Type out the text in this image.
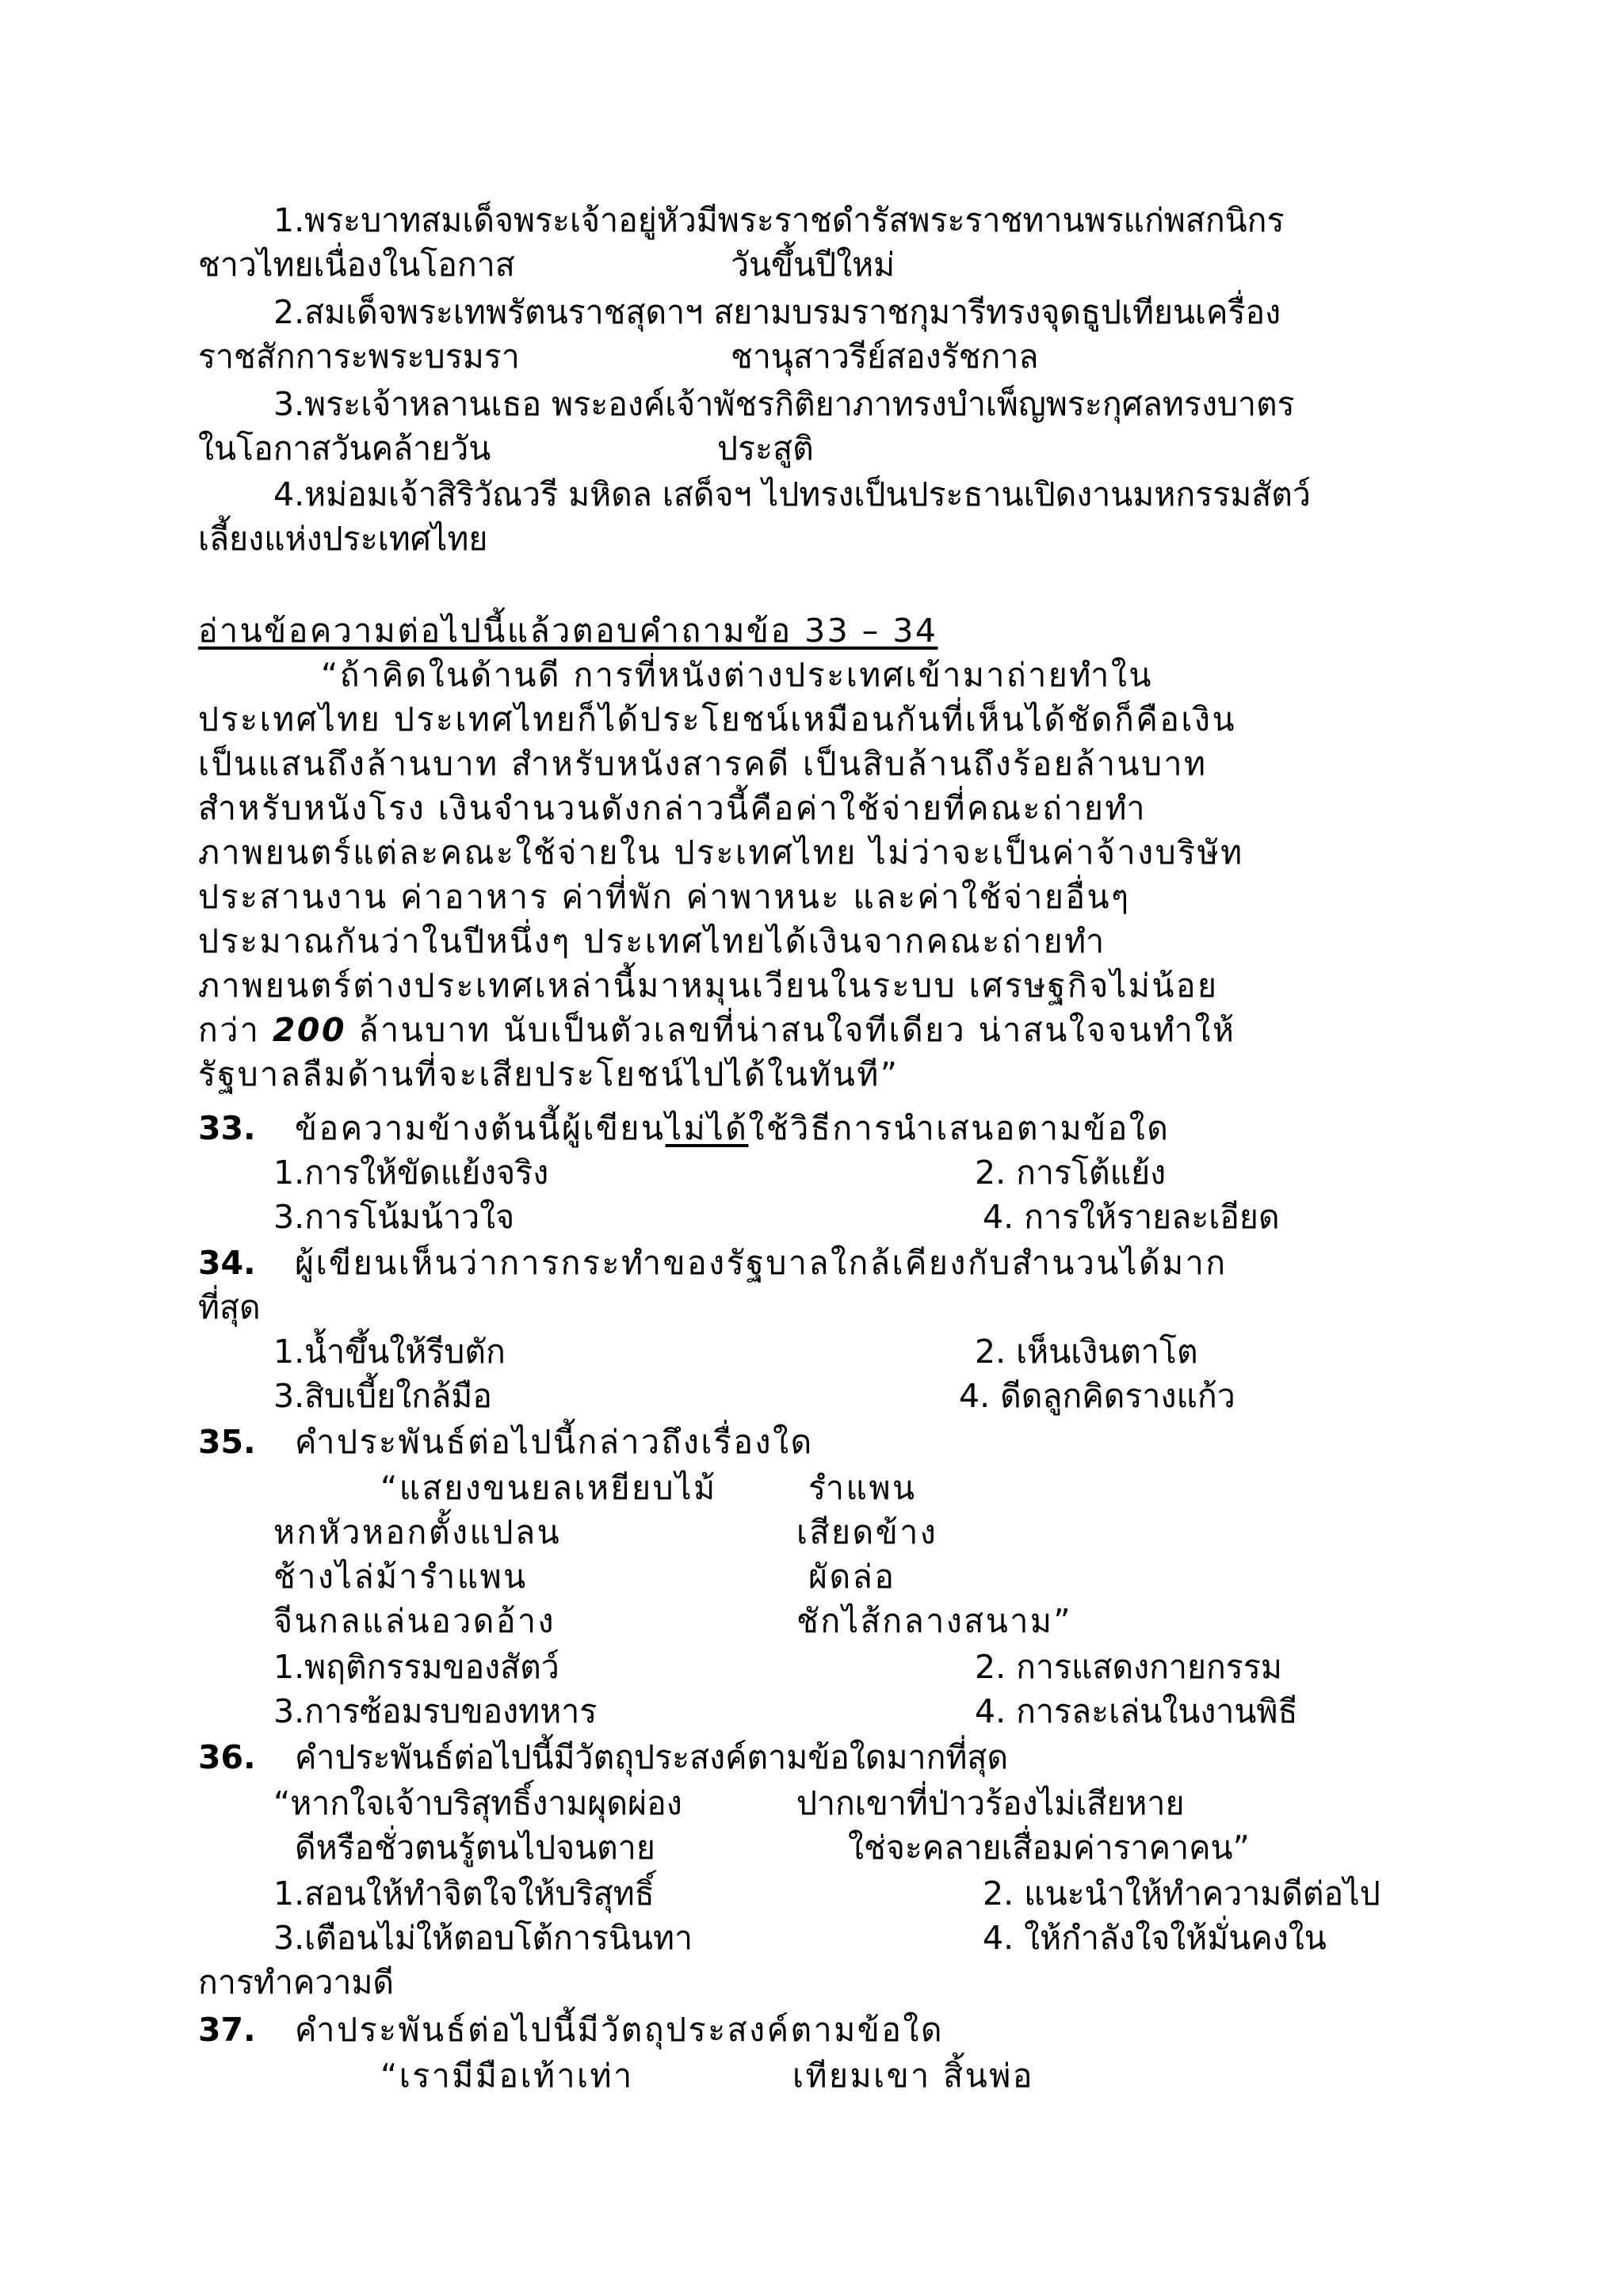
1.พระบาทสมเด็จพระเจ้าอยู่หัวมีพระราชดำรัสพระราชทานพรแก่พสกนิกร
ชาวไทยเนื่องในโอกาส	วันขึ้นปีใหม่
2.สมเด็จพระเทพรัตนราชสุดาฯ สยามบรมราชกุมารีทรงจุดธูปเทียนเครื่อง
ราชสักการะพระบรมรา	ชานุสาวรีย์สองรัชกาล
3.พระเจ้าหลานเธอ พระองค์เจ้าพัชรกิติยาภาทรงบำเพ็ญพระกุศลทรงบาตร
ในโอกาสวันคล้ายวัน	ประสูติ
4.หม่อมเจ้าสิริวัณวรี มหิดล เสด็จฯ ไปทรงเป็นประธานเปิดงานมหกรรมสัตว์
เลี้ยงแห่งประเทศไทย
อ่านข้อความต่อไปนี้แล้วตอบคำถามข้อ 33 – 34
“ถ้าคิดในด้านดี การที่หนังต่างประเทศเข้ามาถ่ายทำใน
ประเทศไทย ประเทศไทยก็ได้ประโยชน์เหมือนกันที่เห็นได้ชัดก็คือเงิน
เป็นแสนถึงล้านบาท สำหรับหนังสารคดี เป็นสิบล้านถึงร้อยล้านบาท
สำหรับหนังโรง เงินจำนวนดังกล่าวนี้คือค่าใช้จ่ายที่คณะถ่ายทำ
ภาพยนตร์แต่ละคณะใช้จ่ายใน ประเทศไทย ไม่ว่าจะเป็นค่าจ้างบริษัท
ประสานงาน ค่าอาหาร ค่าที่พัก ค่าพาหนะ และค่าใช้จ่ายอื่นๆ
ประมาณกันว่าในปีหนึ่งๆ ประเทศไทยได้เงินจากคณะถ่ายทำ
ภาพยนตร์ต่างประเทศเหล่านี้มาหมุนเวียนในระบบ เศรษฐกิจไม่น้อย
กว่า 200 ล้านบาท นับเป็นตัวเลขที่น่าสนใจทีเดียว น่าสนใจจนทำให้
รัฐบาลลืมด้านที่จะเสียประโยชน์ไปได้ในทันที”
33. ข้อความข้างต้นนี้ผู้เขียนไม่ได้ใช้วิธีการนำเสนอตามข้อใด
1.การให้ขัดแย้งจริง	2. การโต้แย้ง
3.การโน้มน้าวใจ	4. การให้รายละเอียด
34. ผู้เขียนเห็นว่าการกระทำของรัฐบาลใกล้เคียงกับสำนวนได้มาก
ที่สุด
1.น้ำขึ้นให้รีบตัก	2. เห็นเงินตาโต
3.สิบเบี้ยใกล้มือ	4. ดีดลูกคิดรางแก้ว
35. คำประพันธ์ต่อไปนี้กล่าวถึงเรื่องใด
“แสยงขนยลเหยียบไม้	รำแพน
หกหัวหอกตั้งแปลน	เสียดข้าง
ช้างไล่ม้ารำแพน	ผัดล่อ
จีนกลแล่นอวดอ้าง	ชักไส้กลางสนาม”
1.พฤติกรรมของสัตว์	2. การแสดงกายกรรม
3.การซ้อมรบของทหาร	4. การละเล่นในงานพิธี
36. คำประพันธ์ต่อไปนี้มีวัตถุประสงค์ตามข้อใดมากที่สุด
“หากใจเจ้าบริสุทธิ์งามผุดผ่อง	ปากเขาที่ป่าวร้องไม่เสียหาย
ดีหรือชั่วตนรู้ตนไปจนตาย	ใช่จะคลายเสื่อมค่าราคาคน”
1.สอนให้ทำจิตใจให้บริสุทธิ์	2. แนะนำให้ทำความดีต่อไป
3.เตือนไม่ให้ตอบโต้การนินทา	4. ให้กำลังใจให้มั่นคงใน
การทำความดี
37. คำประพันธ์ต่อไปนี้มีวัตถุประสงค์ตามข้อใด
“เรามีมือเท้าเท่า	เทียมเขา สิ้นพ่อ
